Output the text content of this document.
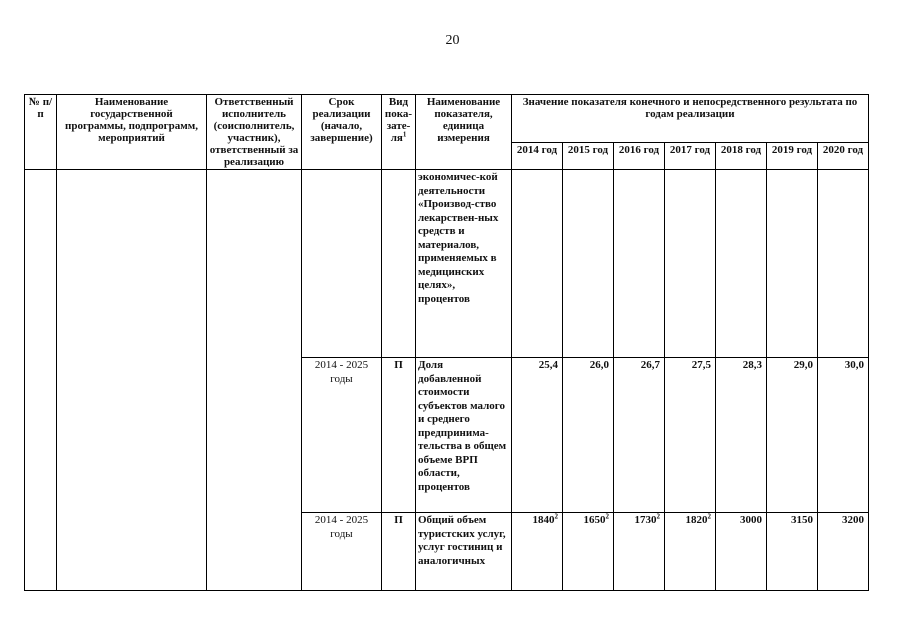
20
№ п/п	Наименование государственной программы, подпрограмм, мероприятий	Ответственный исполнитель (соисполнитель, участник), ответственный за реализацию	Срок реализации (начало, завершение)	Вид пока-$зате-ля^1$	Наименование показателя, единица измерения	Значение показателя конечного и непосредственного результата по годам реализации						
						2014 год	2015 год	2016 год	2017 год	2018 год	2019 год	2020 год
					экономичес-кой деятельности «Производ-ство лекарствен-ных средств и материалов, применяемых в медицинских целях», процентов							
			2014 - 2025 годы	П	Доля добавленной стоимости субъектов малого и среднего предпринима-тельства в общем объеме ВРП области, процентов	25,4	26,0	26,7	27,5	28,3	29,0	30,0
			2014 - 2025 годы	П	Общий объем туристских услуг, услуг гостиниц и аналогичных	1840$^2$	1650$^2$	1730$^2$	1820$^2$	3000	3150	3200
